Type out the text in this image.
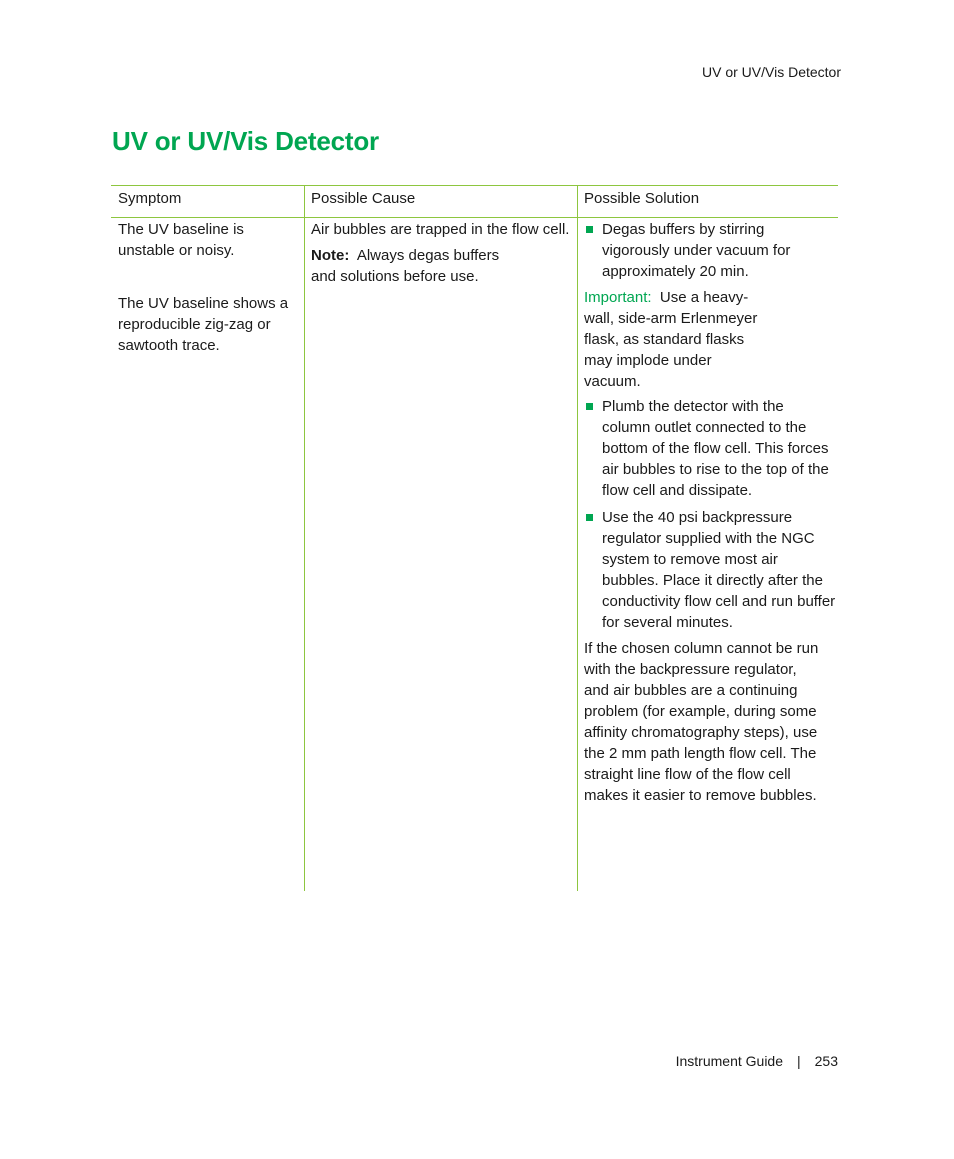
UV or UV/Vis Detector
UV or UV/Vis Detector
Symptom	Possible Cause	Possible Solution

The UV baseline is unstable or noisy.

The UV baseline shows a reproducible zig-zag or sawtooth trace.

Air bubbles are trapped in the flow cell.

Note: Always degas buffers and solutions before use.

Degas buffers by stirring vigorously under vacuum for approximately 20 min.

Important: Use a heavy-wall, side-arm Erlenmeyer flask, as standard flasks may implode under vacuum.

Plumb the detector with the column outlet connected to the bottom of the flow cell. This forces air bubbles to rise to the top of the flow cell and dissipate.

Use the 40 psi backpressure regulator supplied with the NGC system to remove most air bubbles. Place it directly after the conductivity flow cell and run buffer for several minutes.

If the chosen column cannot be run with the backpressure regulator, and air bubbles are a continuing problem (for example, during some affinity chromatography steps), use the 2 mm path length flow cell. The straight line flow of the flow cell makes it easier to remove bubbles.

Instrument Guide | 253
